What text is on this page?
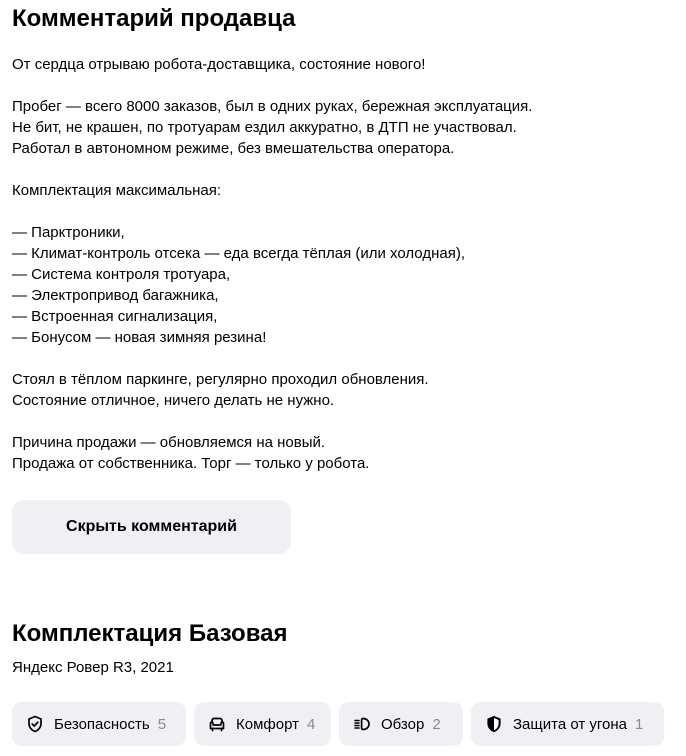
Комментарий продавца

От сердца отрываю робота-доставщика, состояние нового!

Пробег — всего 8000 заказов, был в одних руках, бережная эксплуатация.
Не бит, не крашен, по тротуарам ездил аккуратно, в ДТП не участвовал.
Работал в автономном режиме, без вмешательства оператора.

Комплектация максимальная:

— Парктроники,
— Климат-контроль отсека — еда всегда тёплая (или холодная),
— Система контроля тротуара,
— Электропривод багажника,
— Встроенная сигнализация,
— Бонусом — новая зимняя резина!

Стоял в тёплом паркинге, регулярно проходил обновления.
Состояние отличное, ничего делать не нужно.

Причина продажи — обновляемся на новый.
Продажа от собственника. Торг — только у робота.

Скрыть комментарий
Комплектация Базовая
Яндекс Ровер R3, 2021
Безопасность 5	Комфорт 4	Обзор 2	Защита от угона 1
